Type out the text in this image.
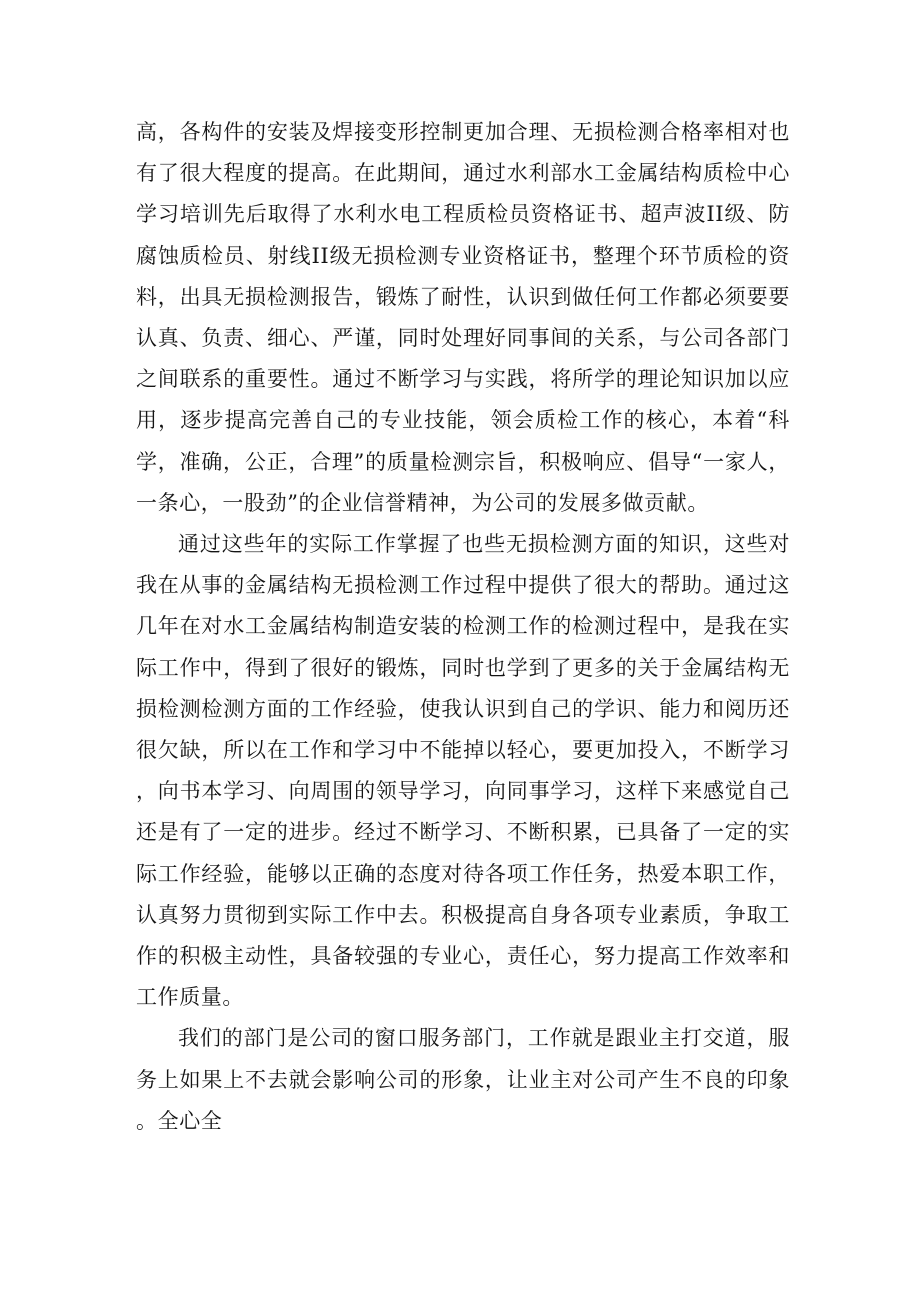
高，各构件的安装及焊接变形控制更加合理、无损检测合格率相对也有了很大程度的提高。在此期间，通过水利部水工金属结构质检中心学习培训先后取得了水利水电工程质检员资格证书、超声波II级、防腐蚀质检员、射线II级无损检测专业资格证书，整理个环节质检的资料，出具无损检测报告，锻炼了耐性，认识到做任何工作都必须要要认真、负责、细心、严谨，同时处理好同事间的关系，与公司各部门之间联系的重要性。通过不断学习与实践，将所学的理论知识加以应用，逐步提高完善自己的专业技能，领会质检工作的核心，本着“科学，准确，公正，合理”的质量检测宗旨，积极响应、倡导“一家人，一条心，一股劲”的企业信誉精神，为公司的发展多做贡献。

通过这些年的实际工作掌握了也些无损检测方面的知识，这些对我在从事的金属结构无损检测工作过程中提供了很大的帮助。通过这几年在对水工金属结构制造安装的检测工作的检测过程中，是我在实际工作中，得到了很好的锻炼，同时也学到了更多的关于金属结构无损检测检测方面的工作经验，使我认识到自己的学识、能力和阅历还很欠缺，所以在工作和学习中不能掉以轻心，要更加投入，不断学习，向书本学习、向周围的领导学习，向同事学习，这样下来感觉自己还是有了一定的进步。经过不断学习、不断积累，已具备了一定的实际工作经验，能够以正确的态度对待各项工作任务，热爱本职工作，认真努力贯彻到实际工作中去。积极提高自身各项专业素质，争取工作的积极主动性，具备较强的专业心，责任心，努力提高工作效率和工作质量。

我们的部门是公司的窗口服务部门，工作就是跟业主打交道，服务上如果上不去就会影响公司的形象，让业主对公司产生不良的印象。全心全
